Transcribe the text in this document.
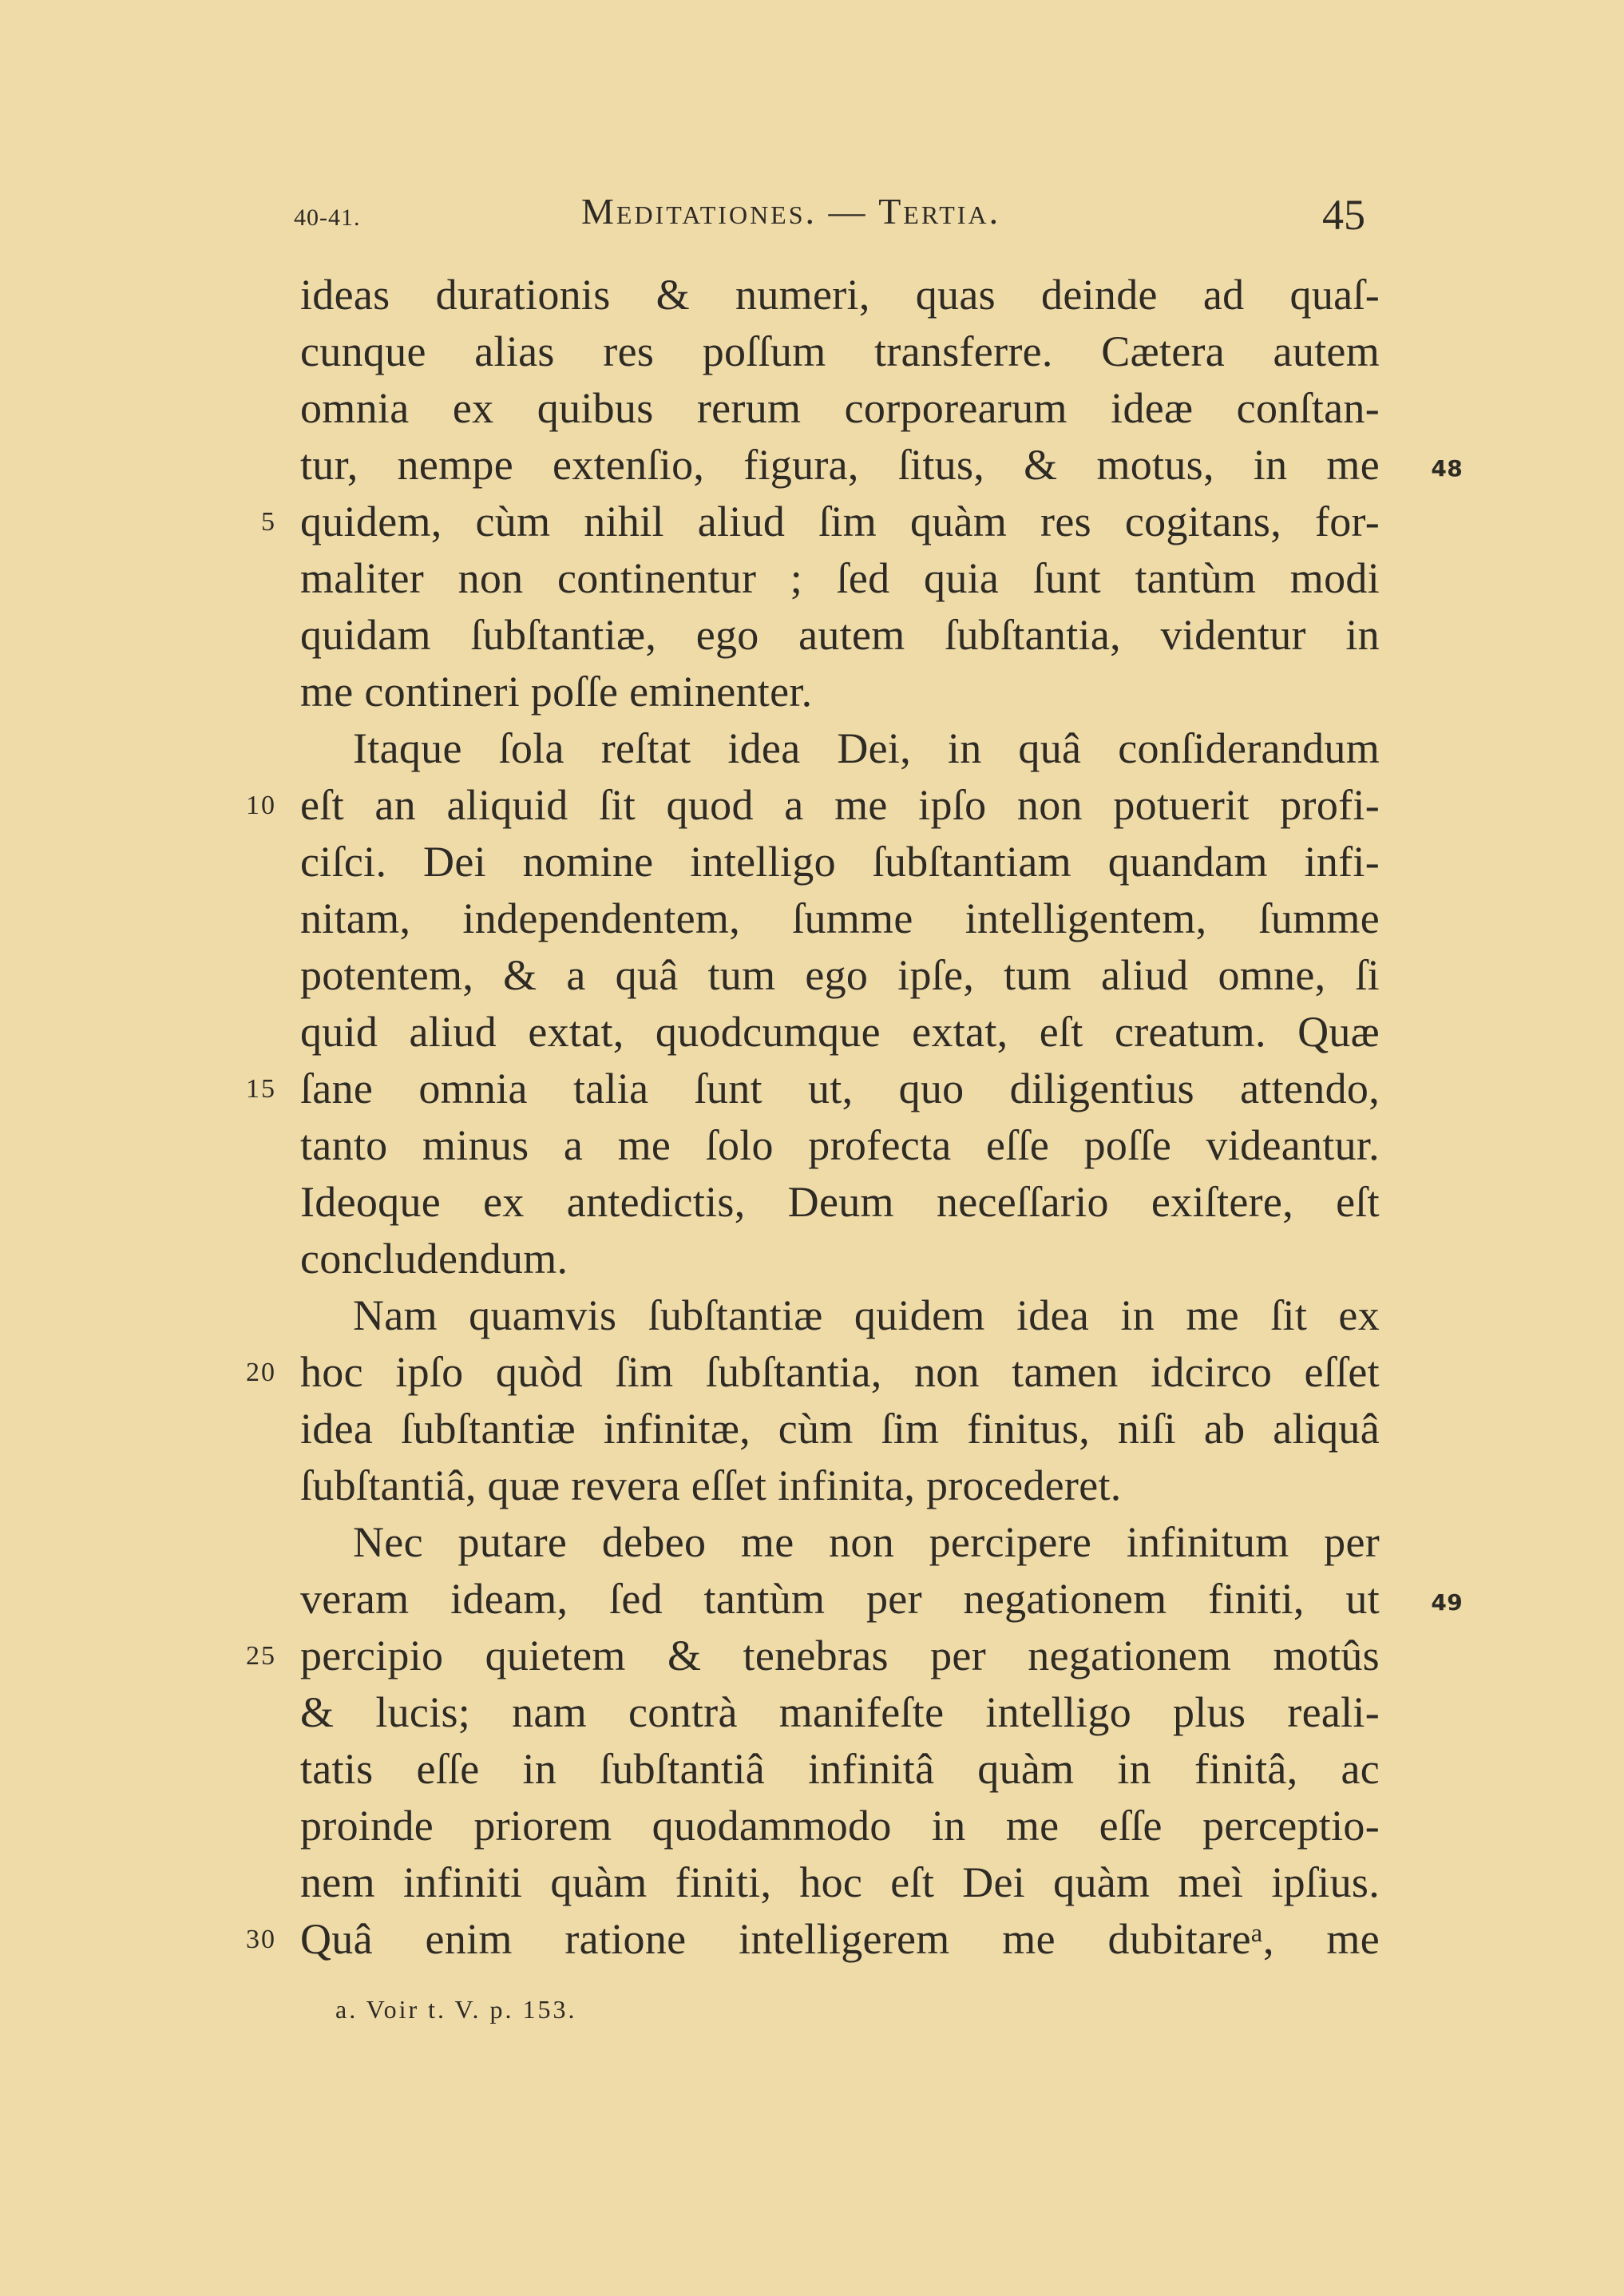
40-41.	Meditationes. — Tertia.	45
ideas durationis & numeri, quas deinde ad quaſ-
cunque alias res poſſum transferre. Cætera autem
omnia ex quibus rerum corporearum ideæ conſtan-
tur, nempe extenſio, figura, ſitus, & motus, in me 48
5 quidem, cùm nihil aliud ſim quàm res cogitans, for-
maliter non continentur ; ſed quia ſunt tantùm modi
quidam ſubſtantiæ, ego autem ſubſtantia, videntur in
me contineri poſſe eminenter.
Itaque ſola reſtat idea Dei, in quâ conſiderandum
10 eſt an aliquid ſit quod a me ipſo non potuerit profi-
ciſci. Dei nomine intelligo ſubſtantiam quandam infi-
nitam, independentem, ſumme intelligentem, ſumme
potentem, & a quâ tum ego ipſe, tum aliud omne, ſi
quid aliud extat, quodcumque extat, eſt creatum. Quæ
15 ſane omnia talia ſunt ut, quo diligentius attendo,
tanto minus a me ſolo profecta eſſe poſſe videantur.
Ideoque ex antedictis, Deum neceſſario exiſtere, eſt
concludendum.
Nam quamvis ſubſtantiæ quidem idea in me ſit ex
20 hoc ipſo quòd ſim ſubſtantia, non tamen idcirco eſſet
idea ſubſtantiæ infinitæ, cùm ſim finitus, niſi ab aliquâ
ſubſtantiâ, quæ revera eſſet infinita, procederet.
Nec putare debeo me non percipere infinitum per
veram ideam, ſed tantùm per negationem finiti, ut 49
25 percipio quietem & tenebras per negationem motûs
& lucis; nam contrà manifeſte intelligo plus reali-
tatis eſſe in ſubſtantiâ infinitâ quàm in finitâ, ac
proinde priorem quodammodo in me eſſe perceptio-
nem infiniti quàm finiti, hoc eſt Dei quàm meì ipſius.
30 Quâ enim ratione intelligerem me dubitareᵃ, me
a. Voir t. V. p. 153.
